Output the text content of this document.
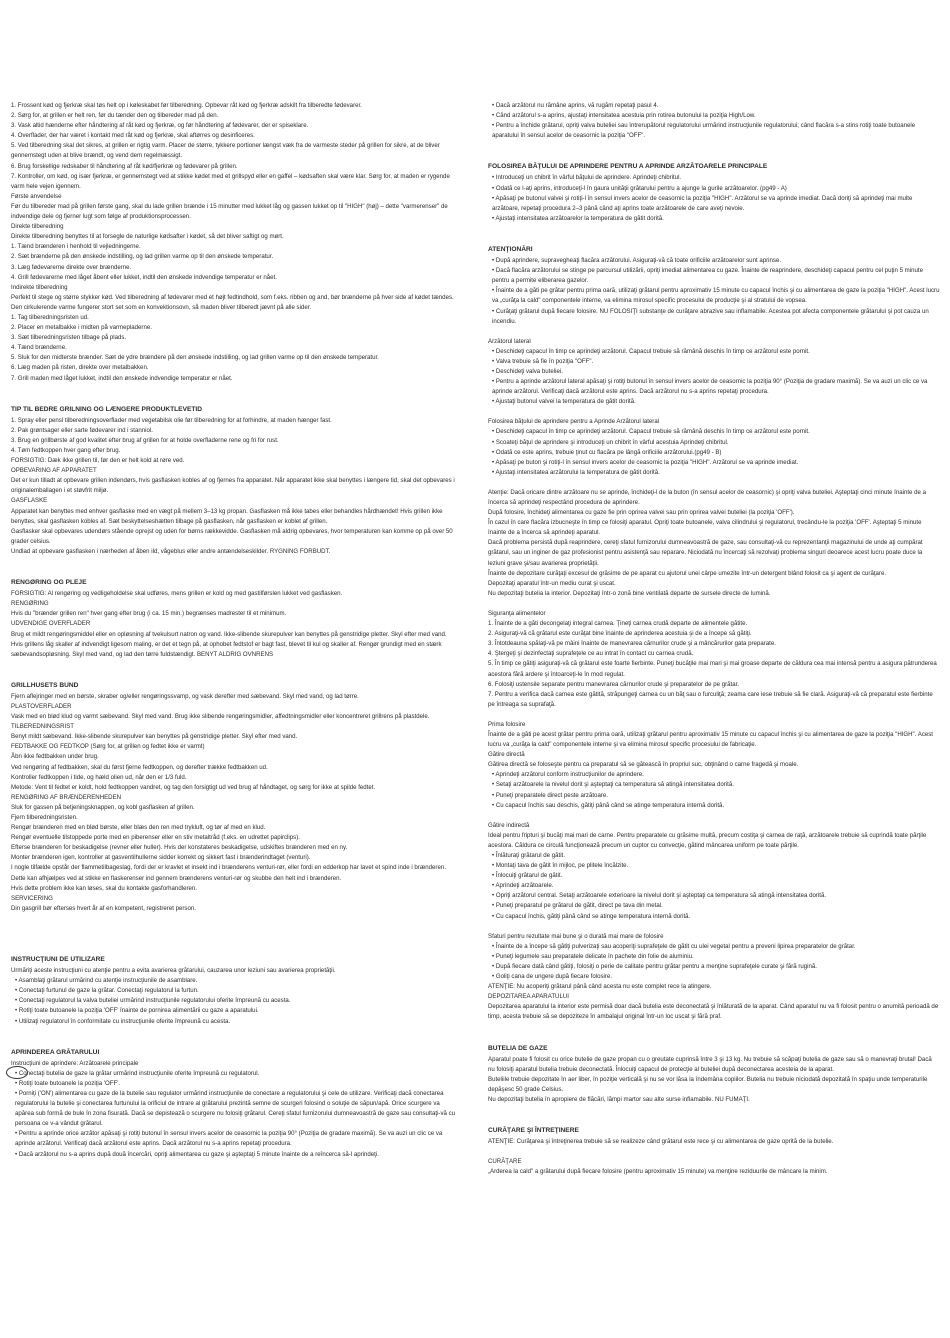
1. Frossent kød og fjerkræ skal tøs helt op i køleskabet før tilberedning. Opbevar råt kød og fjerkræ adskilt fra tilberedte fødevarer.
2. Sørg for, at grillen er helt ren, før du tænder den og tilbereder mad på den.
3. Vask altid hænderne efter håndtering af råt kød og fjerkræ, og før håndtering af fødevarer, der er spiseklare.
4. Overflader, der har været i kontakt med råt kød og fjerkræ, skal aftørres og desinficeres.
5. Ved tilberedning skal det sikres, at grillen er rigtig varm. Placer de større, tykkere portioner længst væk fra de varmeste steder på grillen for sikre, at de bliver gennemstegt uden at blive brændt, og vend dem regelmæssigt.
6. Brug forskellige redskaber til håndtering af råt kød/fjerkræ og fødevarer på grillen.
7. Kontroller, om kød, og især fjerkræ, er gennemstegt ved at stikke kødet med et grillspyd eller en gaffel – kødsaften skal være klar. Sørg for, at maden er rygende varm hele vejen igennem.
Første anvendelse
Før du tilbereder mad på grillen første gang, skal du lade grillen brænde i 15 minutter med lukket låg og gassen lukket op til "HIGH" (høj) – dette "varmerenser" de indvendige dele og fjerner lugt som følge af produktionsprocessen.
Direkte tilberedning
Direkte tilberedning benyttes til at forsegle de naturlige kødsafter i kødet, så det bliver saftigt og mørt.
1. Tænd brænderen i henhold til vejledningerne.
2. Sæt brænderne på den ønskede indstilling, og lad grillen varme op til den ønskede temperatur.
3. Læg fødevarerne direkte over brænderne.
4. Grill fødevarerne med låget åbent eller lukket, indtil den ønskede indvendige temperatur er nået.
Indirekte tilberedning
Perfekt til stege og større stykker kød. Ved tilberedning af fødevarer med et højt fedtindhold, som f.eks. ribben og and, bør brænderne på hver side af kødet tændes. Den cirkulerende varme fungerer stort set som en konvektionsovn, så maden bliver tilberedt jævnt på alle sider.
1. Tag tilberedningsristen ud.
2. Placer en metalbakke i midten på varmepladerne.
3. Sæt tilberedningsristen tilbage på plads.
4. Tænd brænderne.
5. Sluk for den midterste brænder. Sæt de ydre brændere på den ønskede indstilling, og lad grillen varme op til den ønskede temperatur.
6. Læg maden på risten, direkte over metalbakken.
7. Grill maden med låget lukket, indtil den ønskede indvendige temperatur er nået.
TIP TIL BEDRE GRILNING OG LÆNGERE PRODUKTLEVETID
1. Spray eller pensl tilberedningsoverflader med vegetabilsk olie før tilberedning for at forhindre, at maden hænger fast.
2. Pak grøntsager eller sarte fødevarer ind i stanniol.
3. Brug en grillbørste af god kvalitet efter brug af grillen for at holde overfladerne rene og fri for rust.
4. Tøm fedtkoppen hver gang efter brug.
FORSIGTIG: Dæk ikke grillen til, før den er helt kold at røre ved.
OPBEVARING AF APPARATET
Det er kun tilladt at opbevare grillen indendørs, hvis gasflasken kobles af og fjernes fra apparatet. Når apparatet ikke skal benyttes i længere tid, skal det opbevares i originalemballagen i et støvfrit miljø.
GASFLASKE
Apparatet kan benyttes med enhver gasflaske med en vægt på mellem 3–13 kg propan. Gasflasken må ikke tabes eller behandles hårdhændet! Hvis grillen ikke benyttes, skal gasflasken kobles af. Sæt beskyttelseshætten tilbage på gasflasken, når gasflasken er koblet af grillen.
Gasflasker skal opbevares udendørs stående oprejst og uden for børns rækkevidde. Gasflasken må aldrig opbevares, hvor temperaturen kan komme op på over 50 grader celsius.
Undlad at opbevare gasflasken i nærheden af åben ild, vågeblus eller andre antændelseskilder. RYGNING FORBUDT.
RENGØRING OG PLEJE
FORSIGTIG: Al rengøring og vedligeholdelse skal udføres, mens grillen er kold og med gastilførslen lukket ved gasflasken.
RENGØRING
Hvis du "brænder grillen ren" hver gang efter brug (i ca. 15 min.) begrænses madrester til et minimum.
UDVENDIGE OVERFLADER
Brug et mildt rengøringsmiddel eller en opløsning af tvekulsurt natron og vand. Ikke-slibende skurepulver kan benyttes på genstridige pletter. Skyl efter med vand.
Hvis grillens låg skaller af indvendigt ligesom maling, er det et tegn på, at ophobet fedtstof er bagt fast, blevet til kul og skaller af. Rengør grundigt med en stærk sæbevandsopløsning. Skyl med vand, og lad den tørre fuldstændigt. BENYT ALDRIG OVNRENS
GRILLHUSETS BUND
Fjern aflejringer med en børste, skraber og/eller rengøringssvamp, og vask derefter med sæbevand. Skyl med vand, og lad tørre.
PLASTOVERFLADER
Vask med en blød klud og varmt sæbevand. Skyl med vand. Brug ikke slibende rengøringsmidler, affedtningsmidler eller koncentreret grillrens på plastdele.
TILBEREDNINGSRIST
Benyt mildt sæbevand. Ikke-slibende skurepulver kan benyttes på genstridige pletter. Skyl efter med vand.
FEDTBAKKE OG FEDTKOP (Sørg for, at grillen og fedtet ikke er varmt)
Åbn ikke fedtbakken under brug.
Ved rengøring af fedtbakken, skal du først fjerne fedtkoppen, og derefter trække fedtbakken ud.
Kontroller fedtkoppen i tide, og hæld olien ud, når den er 1/3 fuld.
Metode: Vent til fedtet er koldt, hold fedtkoppen vandret, og tag den forsigtigt ud ved brug af håndtaget, og sørg for ikke at spilde fedtet.
RENGØRING AF BRÆNDERENHEDEN
Sluk for gassen på betjeningsknappen, og kobl gasflasken af grillen.
Fjern tilberedningsristen.
Rengør brænderen med en blød børste, eller blæs den ren med trykluft, og tør af med en klud.
Rengør eventuelle tilstoppede porte med en piberenser eller en stiv metaltråd (f.eks. en udrettet papirclips).
Efterse brænderen for beskadigelse (revner eller huller). Hvis der konstateres beskadigelse, udskiftes brænderen med en ny.
Monter brænderen igen, kontroller at gasventilhullerne sidder korrekt og sikkert fast i brænderindtaget (venturi).
I nogle tilfælde opstår der flammetilbageslag, fordi der er kravlet et insekt ind i brænderens venturi-rør, eller fordi en edderkop har lavet et spind inde i brænderen. Dette kan afhjælpes ved at stikke en flaskerenser ind gennem brænderens venturi-rør og skubbe den helt ind i brænderen.
Hvis dette problem ikke kan løses, skal du kontakte gasforhandleren.
SERVICERING
Din gasgrill bør efterses hvert år af en kompetent, registreret person.
INSTRUCŢIUNI DE UTILIZARE
Urmăriţi aceste instrucţiuni cu atenţie pentru a evita avarierea grătarului, cauzarea unor leziuni sau avarierea proprietăţii.
• Asamblaţi grătarul urmărind cu atenţie instrucţiunile de asamblare.
• Conectaţi furtunul de gaze la grătar. Conectaţi regulatorul la furtun.
• Conectaţi regulatorul la valva buteliei urmărind instrucţiunile regulatorului oferite împreună cu acesta.
• Rotiţi toate butoanele la poziţia 'OFF' înainte de pornirea alimentării cu gaze a aparatului.
• Utilizaţi regulatorul în conformitate cu instrucţiunile oferite împreună cu acesta.
APRINDEREA GRĂTARULUI
Instrucţiuni de aprindere: Arzătoarele principale
• Conectaţi butelia de gaze la grătar urmărind instrucţiunile oferite împreună cu regulatorul.
• Rotiţi toate butoanele la poziţia 'OFF'.
• Porniţi ('ON') alimentarea cu gaze de la butelie sau regulator urmărind instrucţiunile de conectare a regulatorului şi cele de utilizare. Verificaţi dacă conectarea regulatorului la butelie şi conectarea furtunului la orificiul de intrare al grătarului prezintă semne de scurgeri folosind o soluţie de săpun/apă. Orice scurgere va apărea sub formă de bule în zona fisurată. Dacă se depistează o scurgere nu folosiţi grătarul. Cereţi sfatul furnizorului dumneavoastră de gaze sau consultaţi-vă cu persoana ce v-a vândut grătarul.
• Pentru a aprinde orice arzător apăsaţi şi rotiţi butonul în sensul invers acelor de ceasornic la poziţia 90° (Poziţia de gradare maximă). Se va auzi un clic ce va aprinde arzătorul. Verificaţi dacă arzătorul este aprins. Dacă arzătorul nu s-a aprins repetaţi procedura.
• Dacă arzătorul nu s-a aprins după două încercări, opriţi alimentarea cu gaze şi aşteptaţi 5 minute înainte de a reîncerca să-l aprindeţi.
• Dacă arzătorul nu rămâne aprins, vă rugăm repetaţi pasul 4.
• Când arzătorul s-a aprins, ajustaţi intensitatea acestuia prin rotirea butonului la poziţia High/Low.
• Pentru a închide grătarul, opriţi valva buteliei sau întrerupătorul regulatorului urmărind instrucţiunile regulatorului; când flacăra s-a stins rotiţi toate butoanele aparatului în sensul acelor de ceasornic la poziţia "OFF".
FOLOSIREA BĂŢULUI DE APRINDERE PENTRU A APRINDE ARZĂTOARELE PRINCIPALE
• Introduceţi un chibrit în vârful băţului de aprindere. Aprindeţi chibritul.
• Odată ce l-aţi aprins, introduceţi-l în gaura unităţii grătarului pentru a ajunge la gurile arzătoarelor. (pg49 - A)
• Apăsaţi pe butonul valvei şi rotiţi-l în sensul invers acelor de ceasornic la poziţia "HIGH". Arzătorul se va aprinde imediat. Dacă doriţi să aprindeţi mai multe arzătoare, repetaţi procedura 2–3 până când aţi aprins toate arzătoarele de care aveţi nevoie.
• Ajustaţi intensitatea arzătoarelor la temperatura de gătit dorită.
ATENŢIONĂRI
• După aprindere, supravegheaţi flacăra arzătorului. Asiguraţi-vă că toate orificiile arzătoarelor sunt aprinse.
• Dacă flacăra arzătorului se stinge pe parcursul utilizării, opriţi imediat alimentarea cu gaze. Înainte de reaprindere, deschideţi capacul pentru cel puţin 5 minute pentru a permite eliberarea gazelor.
• Înainte de a găti pe grătar pentru prima oară, utilizaţi grătarul pentru aproximativ 15 minute cu capacul închis şi cu alimentarea de gaze la poziţia "HIGH". Acest lucru va „curăţa la cald" componentele interne, va elimina mirosul specific procesului de producţie şi al stratului de vopsea.
• Curăţaţi grătarul după fiecare folosire. NU FOLOSIŢI substanţe de curăţare abrazive sau inflamabile. Acestea pot afecta componentele grătarului şi pot cauza un incendiu.
Arzătorul lateral
• Deschideţi capacul în timp ce aprindeţi arzătorul. Capacul trebuie să rămână deschis în timp ce arzătorul este pornit.
• Valva trebuie să fie în poziţia "OFF".
• Deschideţi valva buteliei.
• Pentru a aprinde arzătorul lateral apăsaţi şi rotiţi butonul în sensul invers acelor de ceasornic la poziţia 90° (Poziţia de gradare maximă). Se va auzi un clic ce va aprinde arzătorul. Verificaţi dacă arzătorul este aprins. Dacă arzătorul nu s-a aprins repetaţi procedura.
• Ajustaţi butonul valvei la temperatura de gătit dorită.
Folosirea băţului de aprindere pentru a Aprinde Arzătorul lateral
• Deschideţi capacul în timp ce aprindeţi arzătorul. Capacul trebuie să rămână deschis în timp ce arzătorul este pornit.
• Scoateţi băţul de aprindere şi introduceţi un chibrit în vârful acestuia Aprindeţi chibritul.
• Odată ce este aprins, trebuie ţinut cu flacăra pe lângă orificiile arzătorului.(pg49 - B)
• Apăsaţi pe buton şi rotiţi-l în sensul invers acelor de ceasornic la poziţia "HIGH". Arzătorul se va aprinde imediat.
• Ajustaţi intensitatea arzătorului la temperatura de gătit dorită.
Atenţie: Dacă oricare dintre arzătoare nu se aprinde, închideţi-l de la buton (în sensul acelor de ceasornic) şi opriţi valva buteliei. Aşteptaţi cinci minute înainte de a încerca să aprindeţi respectând procedura de aprindere.
După folosire, închideţi alimentarea cu gaze fie prin oprirea valvei sau prin oprirea valvei buteliei (la poziţia 'OFF').
În cazul în care flacăra izbucneşte în timp ce folosiţi aparatul. Opriţi toate butoanele, valva cilindrului şi regulatorul, trecându-le la poziţia 'OFF'. Aşteptaţi 5 minute înainte de a încerca să aprindeţi aparatul.
Dacă problema persistă după reaprindere, cereţi sfatul furnizorului dumneavoastră de gaze, sau consultaţi-vă cu reprezentanţii magazinului de unde aţi cumpărat grătarul, sau un inginer de gaz profesionist pentru asistenţă sau reparare. Niciodată nu încercaţi să rezolvaţi problema singuri deoarece acest lucru poate duce la leziuni grave şi/sau avarierea proprietăţii.
Înainte de depozitare curăţaţi excesul de grăsime de pe aparat cu ajutorul unei cârpe umezite într-un detergent blând folosit ca şi agent de curăţare.
Depozitaţi aparatul într-un mediu curat şi uscat.
Nu depozitaţi butelia la interior. Depozitaţi într-o zonă bine ventilată departe de sursele directe de lumină.
Siguranţa alimentelor
1. Înainte de a găti decongelaţi integral carnea. Ţineţi carnea crudă departe de alimentele gătite.
2. Asiguraţi-vă că grătarul este curăţat bine înainte de aprinderea acestuia şi de a începe să gătiţi.
3. Întotdeauna spălaţi-vă pe mâini înainte de manevrarea cărnurilor crude şi a mâncărurilor gata preparate.
4. Ştergeţi şi dezinfectaţi suprafeţele ce au intrat în contact cu carnea crudă.
5. În timp ce gătiţi asiguraţi-vă că grătarul este foarte fierbinte. Puneţi bucăţile mai mari şi mai groase departe de căldura cea mai intensă pentru a asigura pătrunderea acestora fără ardere şi întoarceţi-le în mod regulat.
6. Folosiţi ustensile separate pentru manevrarea cărnurilor crude şi preparatelor de pe grătar.
7. Pentru a verifica dacă carnea este gătită, străpungeţi carnea cu un băţ sau o furculiţă; zeama care iese trebuie să fie clară. Asiguraţi-vă că preparatul este fierbinte pe întreaga sa suprafaţă.
Prima folosire
Înainte de a găti pe acest grătar pentru prima oară, utilizaţi grătarul pentru aproximativ 15 minute cu capacul închis şi cu alimentarea de gaze la poziţia "HIGH". Acest lucru va „curăţa la cald" componentele interne şi va elimina mirosul specific procesului de fabricaţie.
Gătire directă
Gătirea directă se foloseşte pentru ca preparatul să se gătească în propriul suc, obţinând o carne fragedă şi moale.
• Aprindeţi arzătorul conform instrucţiunilor de aprindere.
• Setaţi arzătoarele la nivelul dorit şi aşteptaţi ca temperatura să atingă intensitatea dorită.
• Puneţi preparatele direct peste arzătoare.
• Cu capacul închis sau deschis, gătiţi până când se atinge temperatura internă dorită.
Gătire indirectă
Ideal pentru fripturi şi bucăţi mai mari de carne. Pentru preparatele cu grăsime multă, precum costiţa şi carnea de raţă, arzătoarele trebuie să cuprindă toate părţile acestora. Căldura ce circulă funcţionează precum un cuptor cu convecţie, gătind mâncarea uniform pe toate părţile.
• Înlăturaţi grătarul de gătit.
• Montaţi tava de gătit în mijloc, pe plitele încălzite.
• Înlocuiţi grătarul de gătit.
• Aprindeţi arzătoarele.
• Opriţi arzătorul central. Setaţi arzătoarele exterioare la nivelul dorit şi aşteptaţi ca temperatura să atingă intensitatea dorită.
• Puneţi preparatul pe grătarul de gătit, direct pe tava din metal.
• Cu capacul închis, gătiţi până când se atinge temperatura internă dorită.
Sfaturi pentru rezultate mai bune şi o durată mai mare de folosire
• Înainte de a începe să gătiţi pulverizaţi sau acoperiţi suprafeţele de gătit cu ulei vegetal pentru a preveni lipirea preparatelor de grătar.
• Puneţi legumele sau preparatele delicate în pachete din folie de aluminiu.
• După fiecare dată când gătiţi, folosiţi o perie de calitate pentru grătar pentru a menţine suprafeţele curate şi fără rugină.
• Goliţi cana de ungere după fiecare folosire.
ATENŢIE: Nu acoperiţi grătarul până când acesta nu este complet rece la atingere.
DEPOZITAREA APARATULUI
Depozitarea aparatului la interior este permisă doar dacă butelia este deconectată şi înlăturată de la aparat. Când aparatul nu va fi folosit pentru o anumită perioadă de timp, acesta trebuie să se depoziteze în ambalajul original într-un loc uscat şi fără praf.
BUTELIA DE GAZE
Aparatul poate fi folosit cu orice butelie de gaze propan cu o greutate cuprinsă între 3 şi 13 kg. Nu trebuie să scăpaţi butelia de gaze sau să o manevraţi brutal! Dacă nu folosiţi aparatul butelia trebuie deconectată. Înlocuiţi capacul de protecţie al buteliei după deconectarea acesteia de la aparat.
Buteliile trebuie depozitate în aer liber, în poziţie verticală şi nu se vor lăsa la îndemâna copiilor. Butelia nu trebuie niciodată depozitată în spaţiu unde temperaturile depăşesc 50 grade Celsius.
Nu depozitaţi butelia în apropiere de flăcări, lămpi martor sau alte surse inflamabile. NU FUMAŢI.
CURĂŢARE ŞI ÎNTREŢINERE
ATENŢIE: Curăţarea şi întreţinerea trebuie să se realizeze când grătarul este rece şi cu alimentarea de gaze oprită de la butelie.
CURĂŢARE
„Arderea la cald" a grătarului după fiecare folosire (pentru aproximativ 15 minute) va menţine reziduurile de mâncare la minim.
